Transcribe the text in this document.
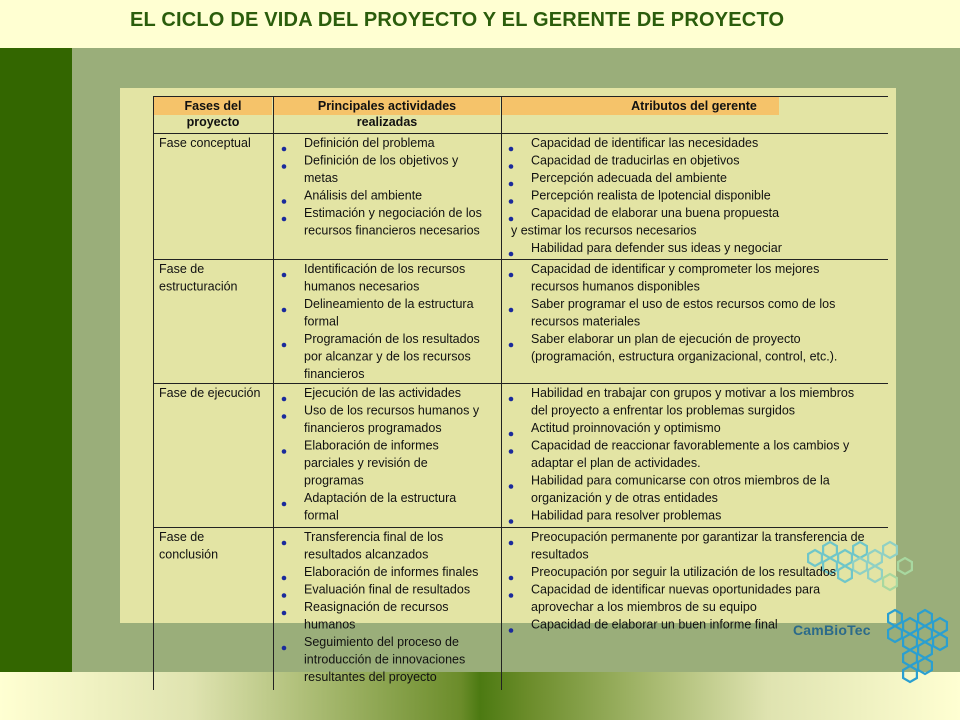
EL CICLO DE VIDA DEL PROYECTO Y EL GERENTE DE PROYECTO
CamBioTec
Fases del
proyecto
Principales actividades
realizadas
Atributos del gerente
Fase conceptual	Definición del problema
Definición de los objetivos y
metas
Análisis del ambiente
Estimación y negociación de los
recursos financieros necesarios
Capacidad de identificar las necesidades
Capacidad de traducirlas en objetivos
Percepción adecuada del ambiente
Percepción realista de lpotencial disponible
Capacidad de elaborar una buena propuesta
y estimar los recursos necesarios
Habilidad para defender sus ideas y negociar
Fase de
estructuración
Identificación de los recursos
humanos necesarios
Delineamiento de la estructura
formal
Programación de los resultados
por alcanzar y de los recursos
financieros
Capacidad de identificar y comprometer los mejores
recursos humanos disponibles
Saber programar el uso de estos recursos como de los
recursos materiales
Saber elaborar un plan de ejecución de proyecto
(programación, estructura organizacional, control, etc.).
Fase de ejecución	Ejecución de las actividades
Uso de los recursos humanos y
financieros programados
Elaboración de informes
parciales y revisión de
programas
Adaptación de la estructura
formal
Habilidad en trabajar con grupos y motivar a los miembros
del proyecto a enfrentar los problemas surgidos
Actitud proinnovación y optimismo
Capacidad de reaccionar favorablemente a los cambios y
adaptar el plan de actividades.
Habilidad para comunicarse con otros miembros de la
organización y de otras entidades
Habilidad para resolver problemas
Fase de
conclusión
Transferencia final de los
resultados alcanzados
Elaboración de informes finales
Evaluación final de resultados
Reasignación de recursos
humanos
Seguimiento del proceso de
introducción de innovaciones
resultantes del proyecto
Preocupación permanente por garantizar la transferencia de
resultados
Preocupación por seguir la utilización de los resultados
Capacidad de identificar nuevas oportunidades para
aprovechar a los miembros de su equipo
Capacidad de elaborar un buen informe final
